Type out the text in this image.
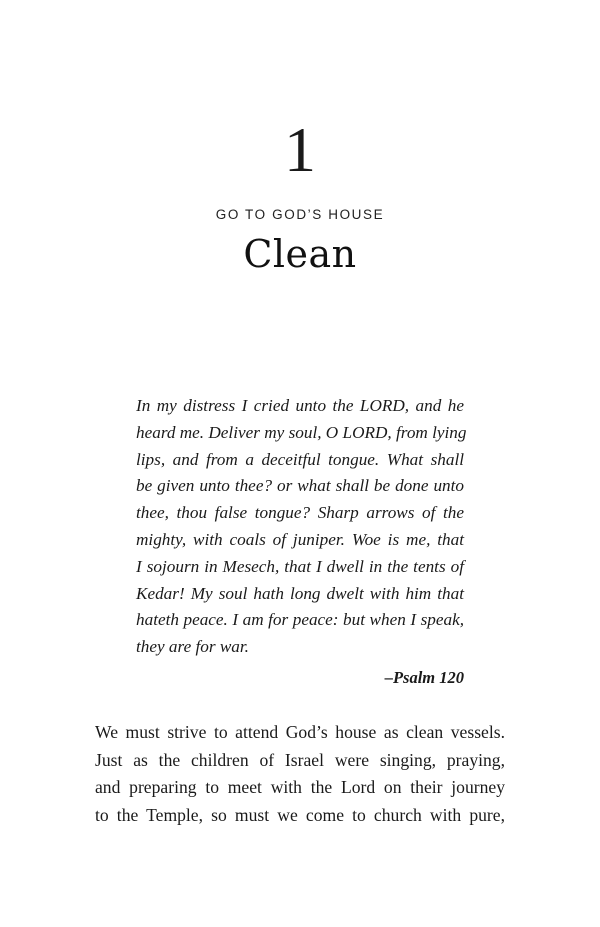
1
GO TO GOD’S HOUSE
Clean
In my distress I cried unto the LORD, and he
heard me. Deliver my soul, O LORD, from lying
lips, and from a deceitful tongue. What shall
be given unto thee? or what shall be done unto
thee, thou false tongue? Sharp arrows of the
mighty, with coals of juniper. Woe is me, that
I sojourn in Mesech, that I dwell in the tents of
Kedar! My soul hath long dwelt with him that
hateth peace. I am for peace: but when I speak,
they are for war.
–Psalm 120
We must strive to attend God’s house as clean vessels.
Just as the children of Israel were singing, praying,
and preparing to meet with the Lord on their journey
to the Temple, so must we come to church with pure,
